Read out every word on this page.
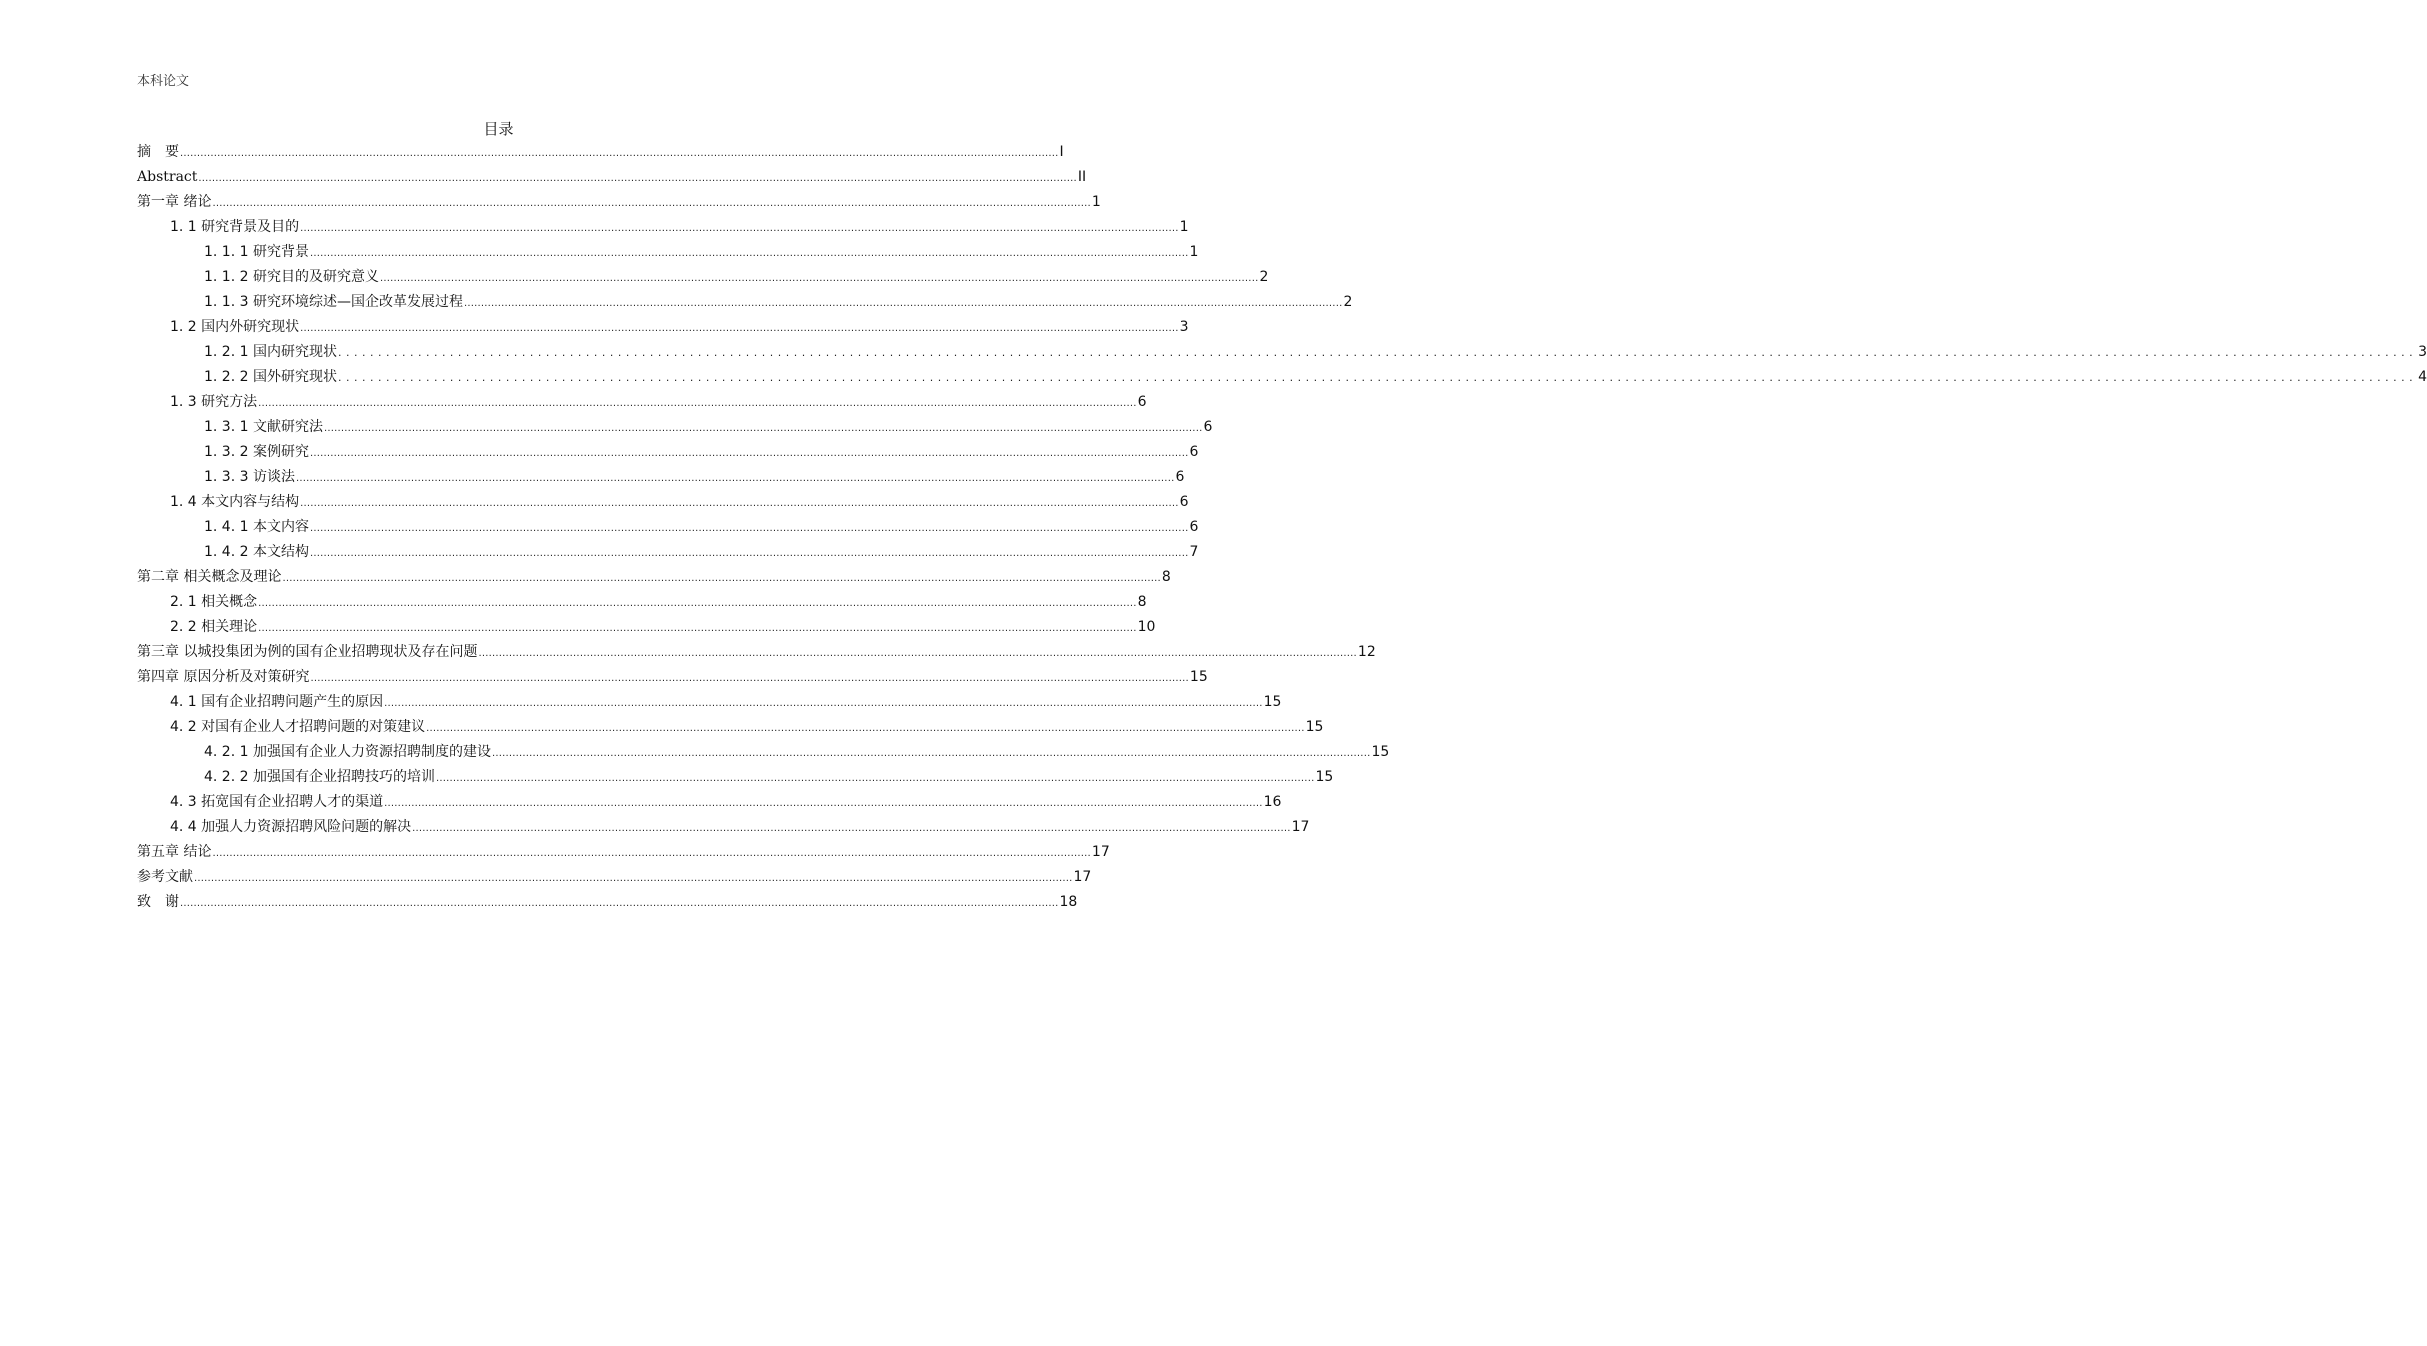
本科论文
目录
摘　要 .................................................................................................................................................................................................................................................................... I
Abstract .................................................................................................................................................................................................................................................................... II
第一章 绪论 .................................................................................................................................................................................................................................................................... 1
1. 1 研究背景及目的 .................................................................................................................................................................................................................................................................... 1
1. 1. 1 研究背景 .................................................................................................................................................................................................................................................................... 1
1. 1. 2 研究目的及研究意义 .................................................................................................................................................................................................................................................................... 2
1. 1. 3 研究环境综述—国企改革发展过程 .................................................................................................................................................................................................................................................................... 2
1. 2 国内外研究现状 .................................................................................................................................................................................................................................................................... 3
1. 2. 1 国内研究现状 .................................................................................................................................................................................................................................................................... 3
1. 2. 2 国外研究现状 .................................................................................................................................................................................................................................................................... 4
1. 3 研究方法 .................................................................................................................................................................................................................................................................... 6
1. 3. 1 文献研究法 .................................................................................................................................................................................................................................................................... 6
1. 3. 2 案例研究 .................................................................................................................................................................................................................................................................... 6
1. 3. 3 访谈法 .................................................................................................................................................................................................................................................................... 6
1. 4 本文内容与结构 .................................................................................................................................................................................................................................................................... 6
1. 4. 1 本文内容 .................................................................................................................................................................................................................................................................... 6
1. 4. 2 本文结构 .................................................................................................................................................................................................................................................................... 7
第二章 相关概念及理论 .................................................................................................................................................................................................................................................................... 8
2. 1 相关概念 .................................................................................................................................................................................................................................................................... 8
2. 2 相关理论 .................................................................................................................................................................................................................................................................... 10
第三章 以城投集团为例的国有企业招聘现状及存在问题 .................................................................................................................................................................................................................................................................... 12
第四章 原因分析及对策研究 .................................................................................................................................................................................................................................................................... 15
4. 1 国有企业招聘问题产生的原因 .................................................................................................................................................................................................................................................................... 15
4. 2 对国有企业人才招聘问题的对策建议 .................................................................................................................................................................................................................................................................... 15
4. 2. 1 加强国有企业人力资源招聘制度的建设 .................................................................................................................................................................................................................................................................... 15
4. 2. 2 加强国有企业招聘技巧的培训 .................................................................................................................................................................................................................................................................... 15
4. 3 拓宽国有企业招聘人才的渠道 .................................................................................................................................................................................................................................................................... 16
4. 4 加强人力资源招聘风险问题的解决 .................................................................................................................................................................................................................................................................... 17
第五章 结论 .................................................................................................................................................................................................................................................................... 17
参考文献 .................................................................................................................................................................................................................................................................... 17
致　谢 .................................................................................................................................................................................................................................................................... 18
